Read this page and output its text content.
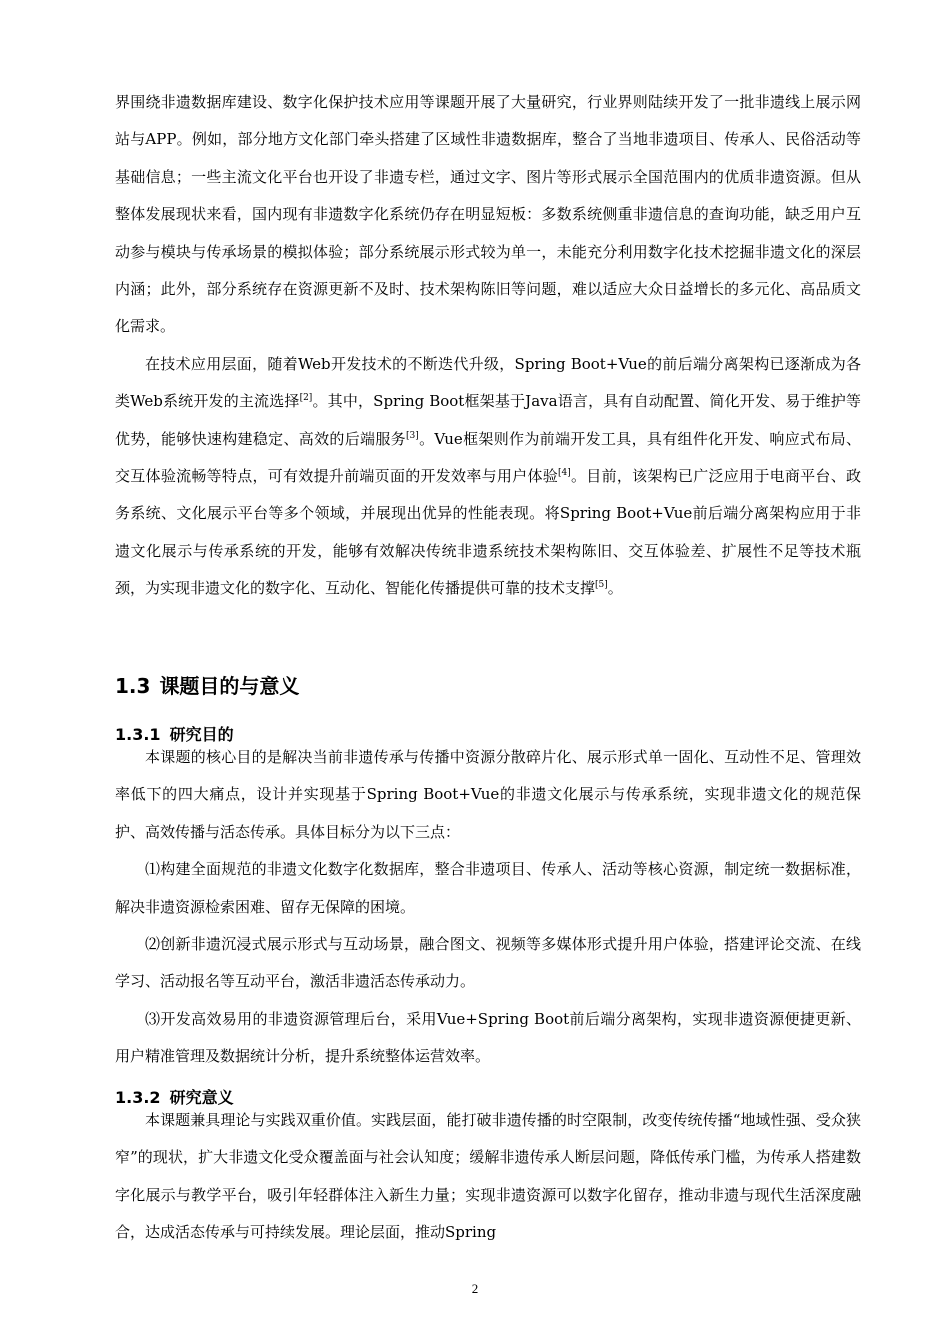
界围绕非遗数据库建设、数字化保护技术应用等课题开展了大量研究，行业界则陆续开发了一批非遗线上展示网站与APP。例如，部分地方文化部门牵头搭建了区域性非遗数据库，整合了当地非遗项目、传承人、民俗活动等基础信息；一些主流文化平台也开设了非遗专栏，通过文字、图片等形式展示全国范围内的优质非遗资源。但从整体发展现状来看，国内现有非遗数字化系统仍存在明显短板：多数系统侧重非遗信息的查询功能，缺乏用户互动参与模块与传承场景的模拟体验；部分系统展示形式较为单一，未能充分利用数字化技术挖掘非遗文化的深层内涵；此外，部分系统存在资源更新不及时、技术架构陈旧等问题，难以适应大众日益增长的多元化、高品质文化需求。

在技术应用层面，随着Web开发技术的不断迭代升级，Spring Boot+Vue的前后端分离架构已逐渐成为各类Web系统开发的主流选择[2]。其中，Spring Boot框架基于Java语言，具有自动配置、简化开发、易于维护等优势，能够快速构建稳定、高效的后端服务[3]。Vue框架则作为前端开发工具，具有组件化开发、响应式布局、交互体验流畅等特点，可有效提升前端页面的开发效率与用户体验[4]。目前，该架构已广泛应用于电商平台、政务系统、文化展示平台等多个领域，并展现出优异的性能表现。将Spring Boot+Vue前后端分离架构应用于非遗文化展示与传承系统的开发，能够有效解决传统非遗系统技术架构陈旧、交互体验差、扩展性不足等技术瓶颈，为实现非遗文化的数字化、互动化、智能化传播提供可靠的技术支撑[5]。

1.3 课题目的与意义
1.3.1 研究目的

本课题的核心目的是解决当前非遗传承与传播中资源分散碎片化、展示形式单一固化、互动性不足、管理效率低下的四大痛点，设计并实现基于Spring Boot+Vue的非遗文化展示与传承系统，实现非遗文化的规范保护、高效传播与活态传承。具体目标分为以下三点：

⑴构建全面规范的非遗文化数字化数据库，整合非遗项目、传承人、活动等核心资源，制定统一数据标准，解决非遗资源检索困难、留存无保障的困境。

⑵创新非遗沉浸式展示形式与互动场景，融合图文、视频等多媒体形式提升用户体验，搭建评论交流、在线学习、活动报名等互动平台，激活非遗活态传承动力。

⑶开发高效易用的非遗资源管理后台，采用Vue+Spring Boot前后端分离架构，实现非遗资源便捷更新、用户精准管理及数据统计分析，提升系统整体运营效率。

1.3.2 研究意义

本课题兼具理论与实践双重价值。实践层面，能打破非遗传播的时空限制，改变传统传播“地域性强、受众狭窄”的现状，扩大非遗文化受众覆盖面与社会认知度；缓解非遗传承人断层问题，降低传承门槛，为传承人搭建数字化展示与教学平台，吸引年轻群体注入新生力量；实现非遗资源可以数字化留存，推动非遗与现代生活深度融合，达成活态传承与可持续发展。理论层面，推动Spring

2
